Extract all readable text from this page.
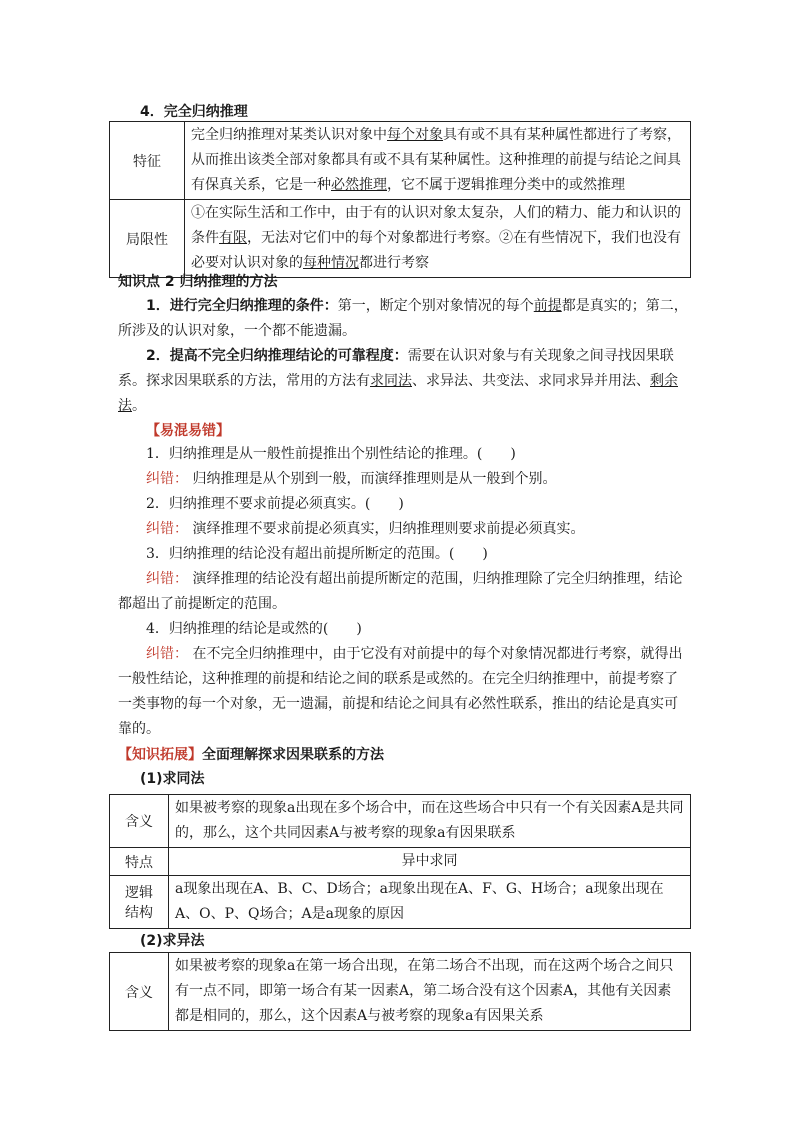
4．完全归纳推理
特征	完全归纳推理对某类认识对象中每个对象具有或不具有某种属性都进行了考察，从而推出该类全部对象都具有或不具有某种属性。这种推理的前提与结论之间具有保真关系，它是一种必然推理，它不属于逻辑推理分类中的或然推理
局限性	①在实际生活和工作中，由于有的认识对象太复杂，人们的精力、能力和认识的条件有限，无法对它们中的每个对象都进行考察。②在有些情况下，我们也没有必要对认识对象的每种情况都进行考察
知识点 2 归纳推理的方法
1．进行完全归纳推理的条件：第一，断定个别对象情况的每个前提都是真实的；第二，所涉及的认识对象，一个都不能遗漏。
2．提高不完全归纳推理结论的可靠程度：需要在认识对象与有关现象之间寻找因果联系。探求因果联系的方法，常用的方法有求同法、求异法、共变法、求同求异并用法、剩余法。
【易混易错】
1．归纳推理是从一般性前提推出个别性结论的推理。(　　)
纠错： 归纳推理是从个别到一般，而演绎推理则是从一般到个别。
2．归纳推理不要求前提必须真实。(　　)
纠错： 演绎推理不要求前提必须真实，归纳推理则要求前提必须真实。
3．归纳推理的结论没有超出前提所断定的范围。(　　)
纠错： 演绎推理的结论没有超出前提所断定的范围，归纳推理除了完全归纳推理，结论都超出了前提断定的范围。
4．归纳推理的结论是或然的(　　)
纠错： 在不完全归纳推理中，由于它没有对前提中的每个对象情况都进行考察，就得出一般性结论，这种推理的前提和结论之间的联系是或然的。在完全归纳推理中，前提考察了一类事物的每一个对象，无一遗漏，前提和结论之间具有必然性联系，推出的结论是真实可靠的。
【知识拓展】全面理解探求因果联系的方法
(1)求同法
含义	如果被考察的现象a出现在多个场合中，而在这些场合中只有一个有关因素A是共同的，那么，这个共同因素A与被考察的现象a有因果联系
特点	异中求同
逻辑结构	a现象出现在A、B、C、D场合；a现象出现在A、F、G、H场合；a现象出现在A、O、P、Q场合；A是a现象的原因
(2)求异法
含义	如果被考察的现象a在第一场合出现，在第二场合不出现，而在这两个场合之间只有一点不同，即第一场合有某一因素A，第二场合没有这个因素A，其他有关因素都是相同的，那么，这个因素A与被考察的现象a有因果关系
